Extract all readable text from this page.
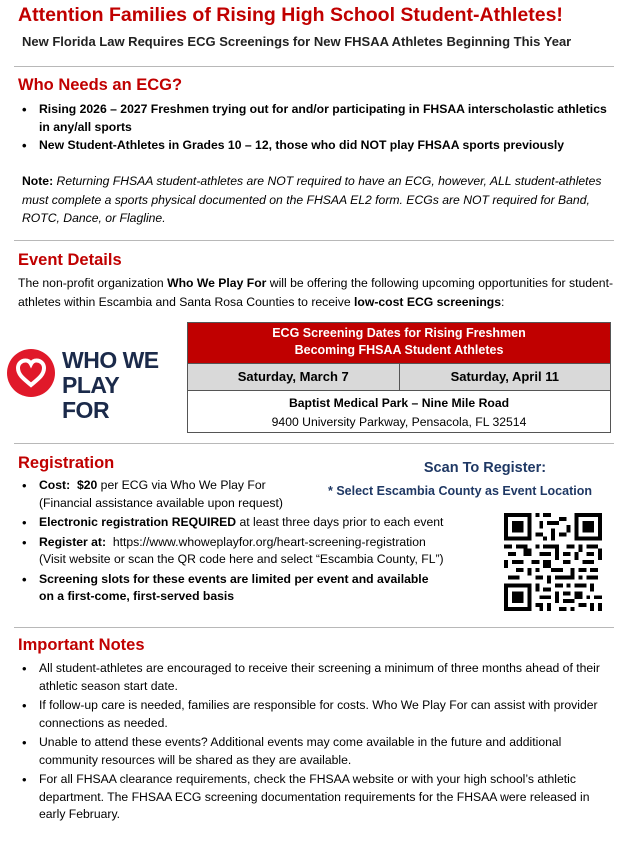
Attention Families of Rising High School Student-Athletes!
New Florida Law Requires ECG Screenings for New FHSAA Athletes Beginning This Year
Who Needs an ECG?
• Rising 2026 – 2027 Freshmen trying out for and/or participating in FHSAA interscholastic athletics in any/all sports
• New Student-Athletes in Grades 10 – 12, those who did NOT play FHSAA sports previously
Note: Returning FHSAA student-athletes are NOT required to have an ECG, however, ALL student-athletes must complete a sports physical documented on the FHSAA EL2 form. ECGs are NOT required for Band, ROTC, Dance, or Flagline.
Event Details
The non-profit organization Who We Play For will be offering the following upcoming opportunities for student-athletes within Escambia and Santa Rosa Counties to receive low-cost ECG screenings:
WHO WE
PLAY FOR
ECG Screening Dates for Rising Freshmen
Becoming FHSAA Student Athletes
Saturday, March 7	Saturday, April 11
Baptist Medical Park – Nine Mile Road
9400 University Parkway, Pensacola, FL 32514
Registration	Scan To Register:
* Select Escambia County as Event Location
• Cost: $20 per ECG via Who We Play For
(Financial assistance available upon request)
• Electronic registration REQUIRED at least three days prior to each event
• Register at: https://www.whoweplayfor.org/heart-screening-registration
(Visit website or scan the QR code here and select “Escambia County, FL”)
• Screening slots for these events are limited per event and available
on a first-come, first-served basis
Important Notes
• All student-athletes are encouraged to receive their screening a minimum of three months ahead of their athletic season start date.
• If follow-up care is needed, families are responsible for costs. Who We Play For can assist with provider connections as needed.
• Unable to attend these events? Additional events may come available in the future and additional community resources will be shared as they are available.
• For all FHSAA clearance requirements, check the FHSAA website or with your high school’s athletic department. The FHSAA ECG screening documentation requirements for the FHSAA were released in early February.
